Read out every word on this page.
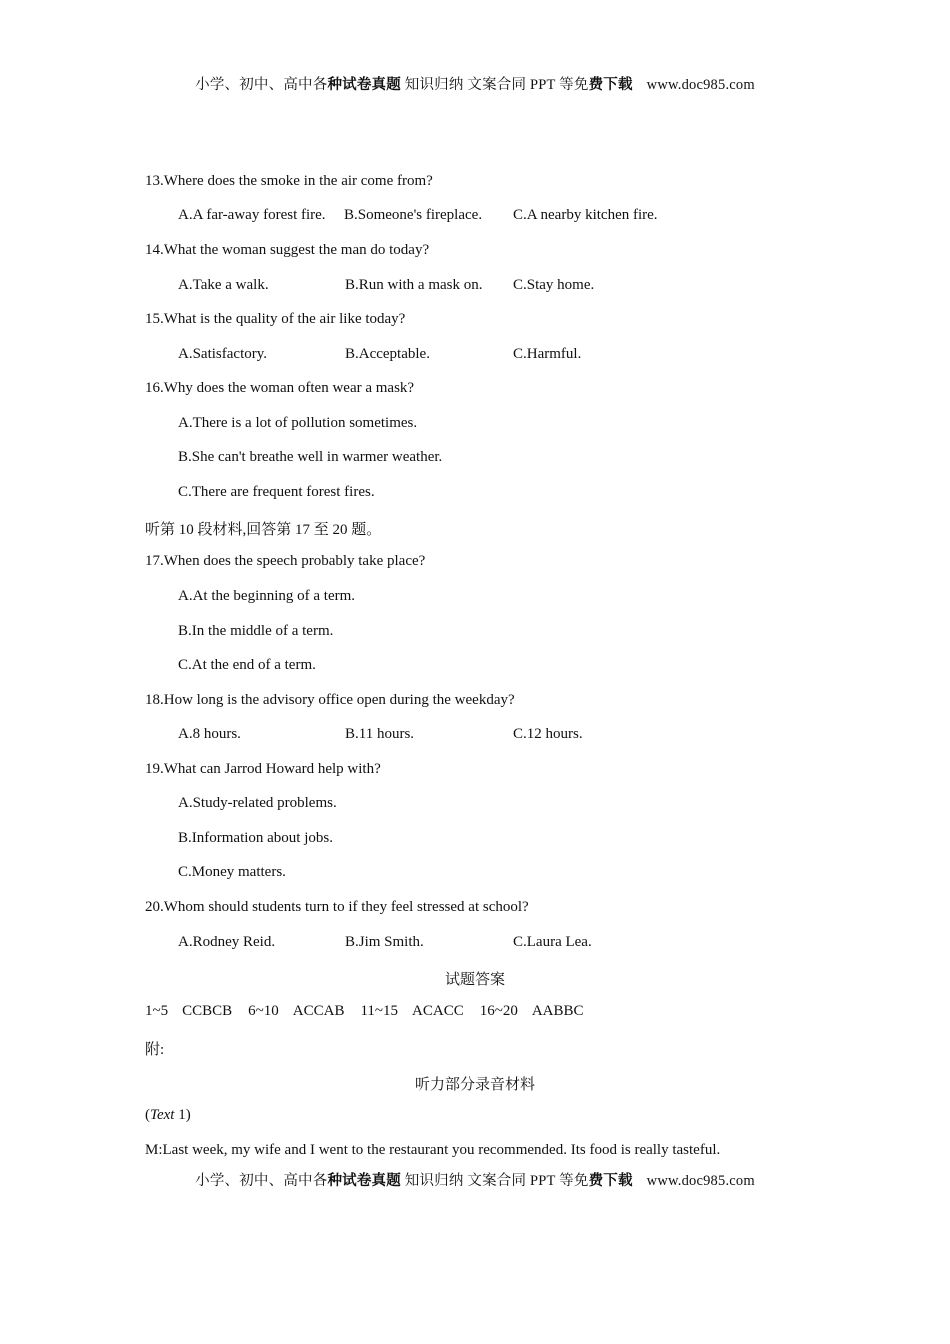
小学、初中、高中各种试卷真题 知识归纳 文案合同 PPT 等免费下载 www.doc985.com
13.Where does the smoke in the air come from?
A.A far-away forest fire. B.Someone's fireplace. C.A nearby kitchen fire.
14.What the woman suggest the man do today?
A.Take a walk.	B.Run with a mask on. C.Stay home.
15.What is the quality of the air like today?
A.Satisfactory.	B.Acceptable.	C.Harmful.
16.Why does the woman often wear a mask?
A.There is a lot of pollution sometimes.
B.She can't breathe well in warmer weather.
C.There are frequent forest fires.
听第 10 段材料,回答第 17 至 20 题。
17.When does the speech probably take place?
A.At the beginning of a term.
B.In the middle of a term.
C.At the end of a term.
18.How long is the advisory office open during the weekday?
A.8 hours.	B.11 hours.	C.12 hours.
19.What can Jarrod Howard help with?
A.Study-related problems.
B.Information about jobs.
C.Money matters.
20.Whom should students turn to if they feel stressed at school?
A.Rodney Reid.	B.Jim Smith.	C.Laura Lea.
试题答案
1~5 CCBCB 6~10 ACCAB 11~15 ACACC 16~20 AABBC
附:
听力部分录音材料
(Text 1)
M:Last week, my wife and I went to the restaurant you recommended. Its food is really tasteful.
小学、初中、高中各种试卷真题 知识归纳 文案合同 PPT 等免费下载 www.doc985.com
